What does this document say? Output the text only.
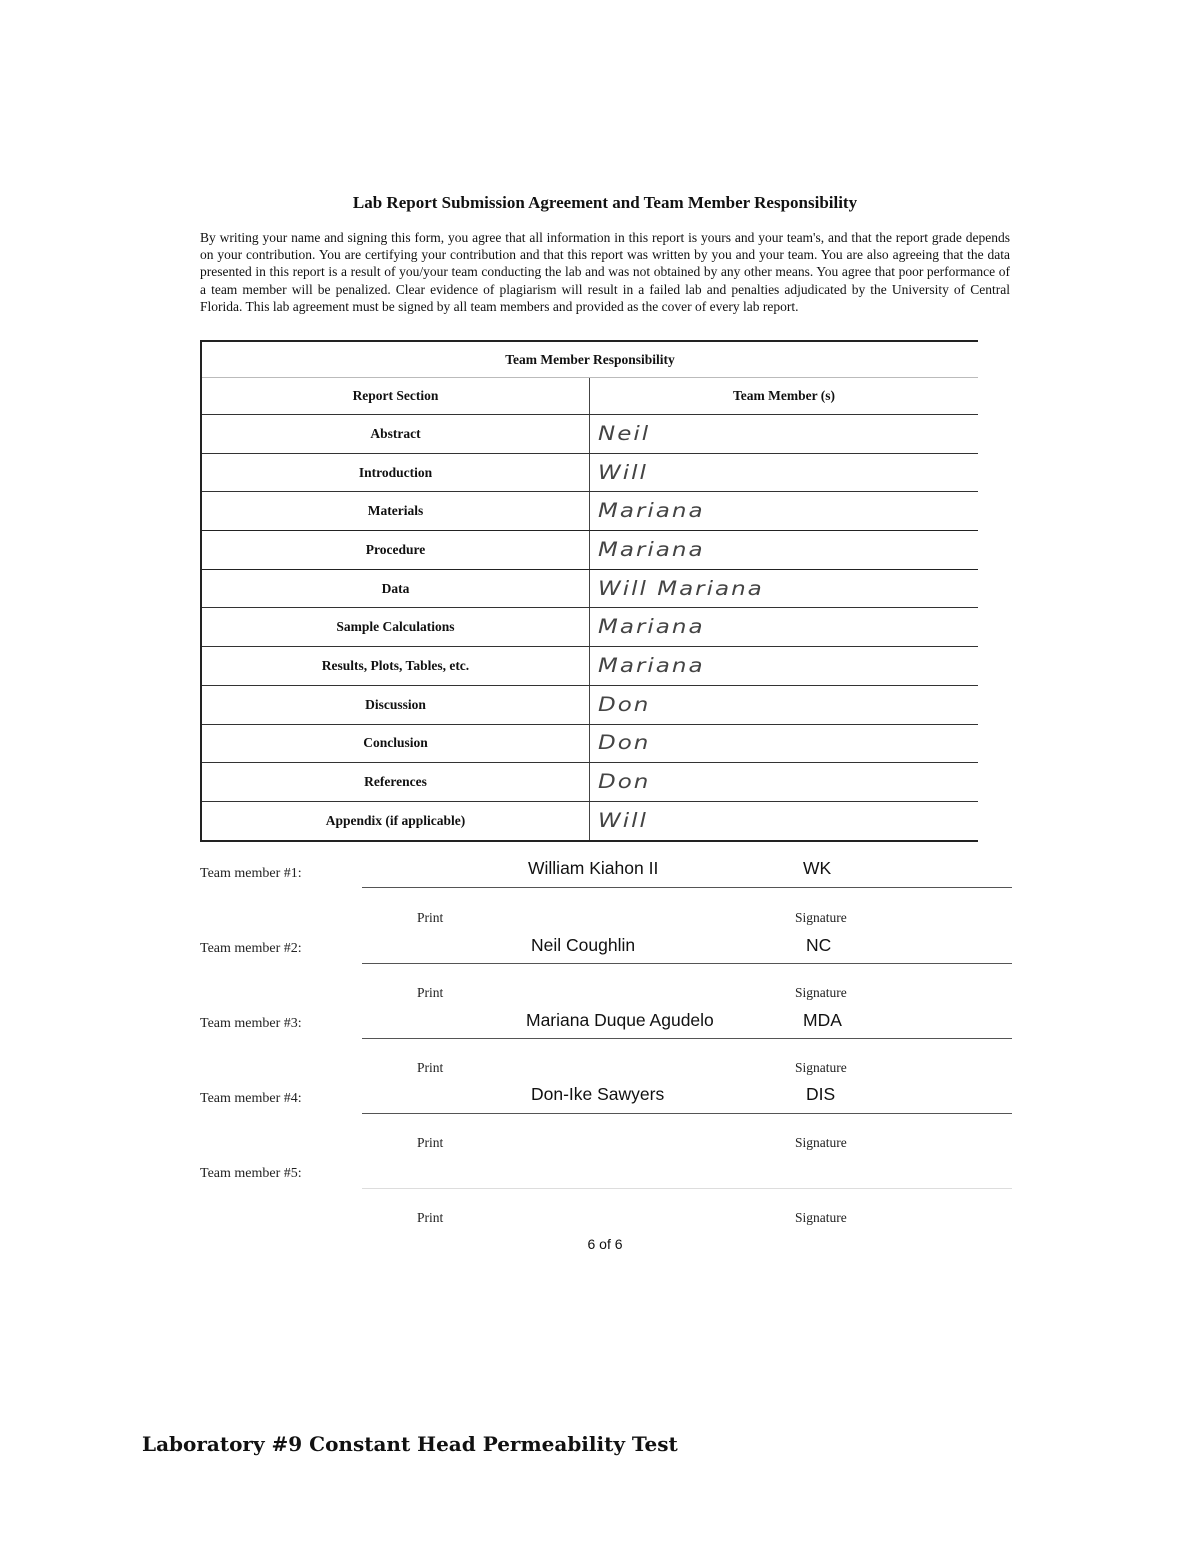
Lab Report Submission Agreement and Team Member Responsibility

By writing your name and signing this form, you agree that all information in this report is yours and your team's, and that the report grade depends on your contribution. You are certifying your contribution and that this report was written by you and your team. You are also agreeing that the data presented in this report is a result of you/your team conducting the lab and was not obtained by any other means. You agree that poor performance of a team member will be penalized. Clear evidence of plagiarism will result in a failed lab and penalties adjudicated by the University of Central Florida. This lab agreement must be signed by all team members and provided as the cover of every lab report.

Team Member Responsibility	
Report Section	Team Member (s)
Abstract	Neil
Introduction	Will
Materials	Mariana
Procedure	Mariana
Data	Will Mariana
Sample Calculations	Mariana
Results, Plots, Tables, etc.	Mariana
Discussion	Don
Conclusion	Don
References	Don
Appendix (if applicable)	Will
Team member #1:	William Kiahon II	WK
Print	Signature
Team member #2:	Neil Coughlin	NC
Print	Signature
Team member #3:	Mariana Duque Agudelo	MDA
Print	Signature
Team member #4:	Don-Ike Sawyers	DIS
Print	Signature
Team member #5:
Print	Signature
6 of 6
Laboratory #9 Constant Head Permeability Test
